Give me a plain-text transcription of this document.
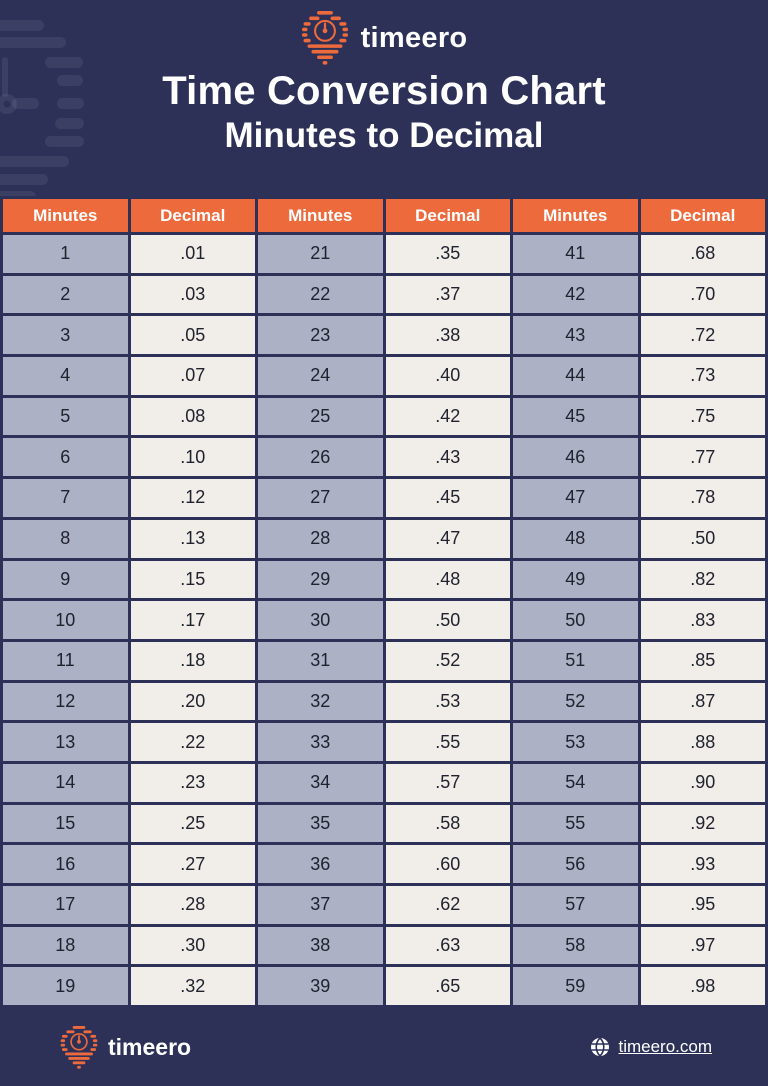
timeero
Time Conversion Chart
Minutes to Decimal
Minutes	Decimal	Minutes	Decimal	Minutes	Decimal
1	.01	21	.35	41	.68
2	.03	22	.37	42	.70
3	.05	23	.38	43	.72
4	.07	24	.40	44	.73
5	.08	25	.42	45	.75
6	.10	26	.43	46	.77
7	.12	27	.45	47	.78
8	.13	28	.47	48	.50
9	.15	29	.48	49	.82
10	.17	30	.50	50	.83
11	.18	31	.52	51	.85
12	.20	32	.53	52	.87
13	.22	33	.55	53	.88
14	.23	34	.57	54	.90
15	.25	35	.58	55	.92
16	.27	36	.60	56	.93
17	.28	37	.62	57	.95
18	.30	38	.63	58	.97
19	.32	39	.65	59	.98

timeero	timeero.com
